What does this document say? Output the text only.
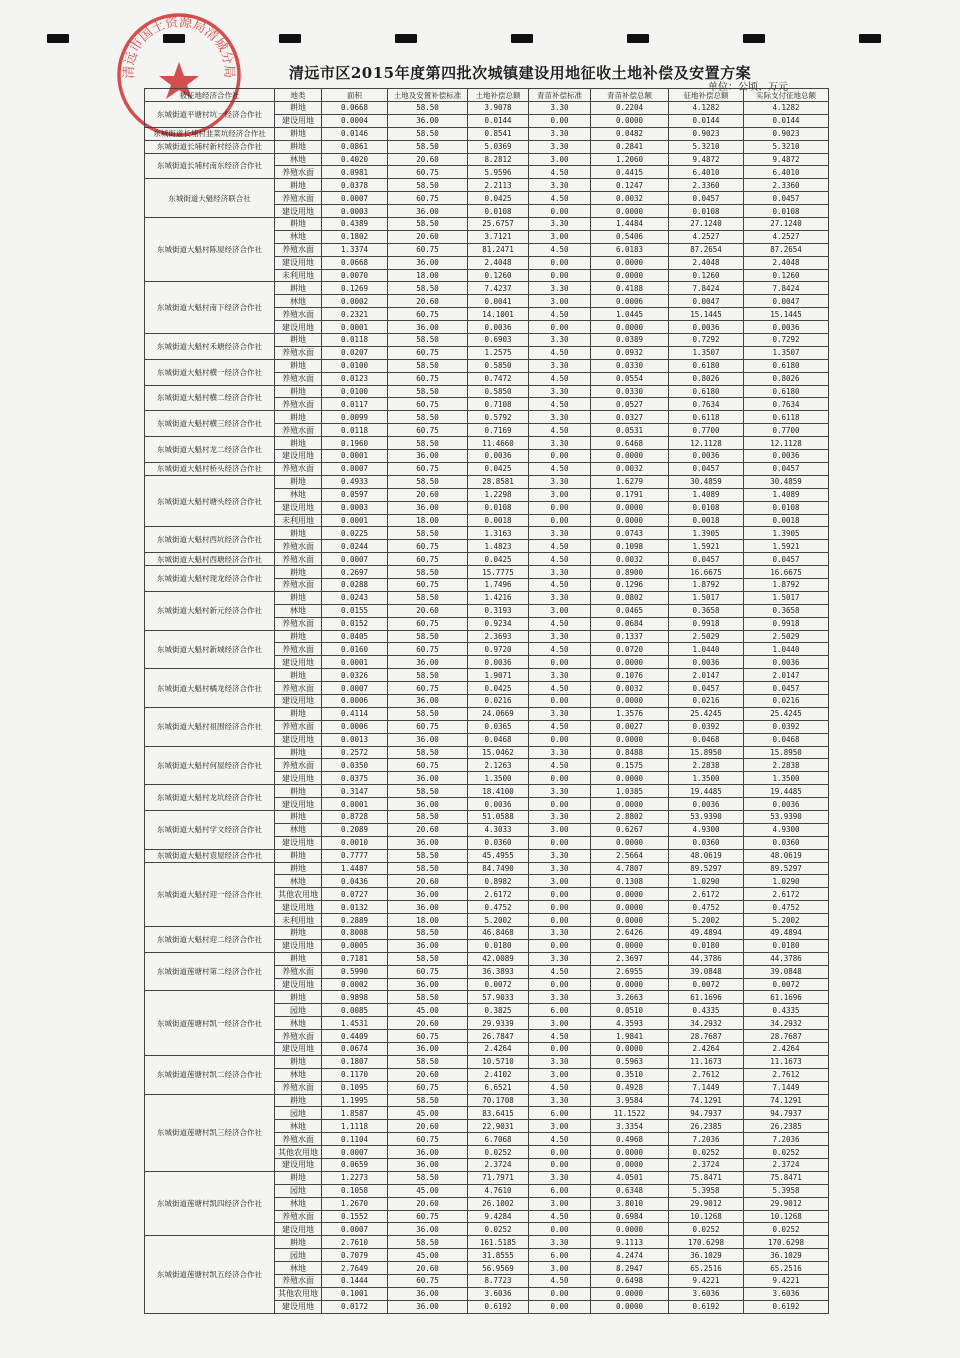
清远市国土资源局清城分局	清远市区2015年度第四批次城镇建设用地征收土地补偿及安置方案
单位：公顷、万元
被征地经济合作社	地类	面积	土地及安置补偿标准	土地补偿总额	青苗补偿标准	青苗补偿总额	征地补偿总额	实际支付征地总额
东城街道平塘村坑一经济合作社	耕地	0.0668	58.50	3.9078	3.30	0.2204	4.1282	4.1282
	建设用地	0.0004	36.00	0.0144	0.00	0.0000	0.0144	0.0144
东城街道长埔村韭菜坑经济合作社	耕地	0.0146	58.50	0.8541	3.30	0.0482	0.9023	0.9023
东城街道长埔村新村经济合作社	耕地	0.0861	58.50	5.0369	3.30	0.2841	5.3210	5.3210
东城街道长埔村南东经济合作社	林地	0.4020	20.60	8.2812	3.00	1.2060	9.4872	9.4872
	养殖水面	0.0981	60.75	5.9596	4.50	0.4415	6.4010	6.4010
东城街道大魁经济联合社	耕地	0.0378	58.50	2.2113	3.30	0.1247	2.3360	2.3360
	养殖水面	0.0007	60.75	0.0425	4.50	0.0032	0.0457	0.0457
	建设用地	0.0003	36.00	0.0108	0.00	0.0000	0.0108	0.0108
东城街道大魁村陈屋经济合作社	耕地	0.4389	58.50	25.6757	3.30	1.4484	27.1240	27.1240
	林地	0.1802	20.60	3.7121	3.00	0.5406	4.2527	4.2527
	养殖水面	1.3374	60.75	81.2471	4.50	6.0183	87.2654	87.2654
	建设用地	0.0668	36.00	2.4048	0.00	0.0000	2.4048	2.4048
	未利用地	0.0070	18.00	0.1260	0.00	0.0000	0.1260	0.1260
东城街道大魁村南下经济合作社	耕地	0.1269	58.50	7.4237	3.30	0.4188	7.8424	7.8424
	林地	0.0002	20.60	0.0041	3.00	0.0006	0.0047	0.0047
	养殖水面	0.2321	60.75	14.1001	4.50	1.0445	15.1445	15.1445
	建设用地	0.0001	36.00	0.0036	0.00	0.0000	0.0036	0.0036
东城街道大魁村禾塘经济合作社	耕地	0.0118	58.50	0.6903	3.30	0.0389	0.7292	0.7292
	养殖水面	0.0207	60.75	1.2575	4.50	0.0932	1.3507	1.3507
东城街道大魁村横一经济合作社	耕地	0.0100	58.50	0.5850	3.30	0.0330	0.6180	0.6180
	养殖水面	0.0123	60.75	0.7472	4.50	0.0554	0.8026	0.8026
东城街道大魁村横二经济合作社	耕地	0.0100	58.50	0.5850	3.30	0.0330	0.6180	0.6180
	养殖水面	0.0117	60.75	0.7108	4.50	0.0527	0.7634	0.7634
东城街道大魁村横三经济合作社	耕地	0.0099	58.50	0.5792	3.30	0.0327	0.6118	0.6118
	养殖水面	0.0118	60.75	0.7169	4.50	0.0531	0.7700	0.7700
东城街道大魁村龙二经济合作社	耕地	0.1960	58.50	11.4660	3.30	0.6468	12.1128	12.1128
	建设用地	0.0001	36.00	0.0036	0.00	0.0000	0.0036	0.0036
东城街道大魁村桥头经济合作社	养殖水面	0.0007	60.75	0.0425	4.50	0.0032	0.0457	0.0457
东城街道大魁村塘头经济合作社	耕地	0.4933	58.50	28.8581	3.30	1.6279	30.4859	30.4859
	林地	0.0597	20.60	1.2298	3.00	0.1791	1.4089	1.4089
	建设用地	0.0003	36.00	0.0108	0.00	0.0000	0.0108	0.0108
	未利用地	0.0001	18.00	0.0018	0.00	0.0000	0.0018	0.0018
东城街道大魁村西坑经济合作社	耕地	0.0225	58.50	1.3163	3.30	0.0743	1.3905	1.3905
	养殖水面	0.0244	60.75	1.4823	4.50	0.1098	1.5921	1.5921
东城街道大魁村西塘经济合作社	养殖水面	0.0007	60.75	0.0425	4.50	0.0032	0.0457	0.0457
东城街道大魁村现龙经济合作社	耕地	0.2697	58.50	15.7775	3.30	0.8900	16.6675	16.6675
	养殖水面	0.0288	60.75	1.7496	4.50	0.1296	1.8792	1.8792
东城街道大魁村新元经济合作社	耕地	0.0243	58.50	1.4216	3.30	0.0802	1.5017	1.5017
	林地	0.0155	20.60	0.3193	3.00	0.0465	0.3658	0.3658
	养殖水面	0.0152	60.75	0.9234	4.50	0.0684	0.9918	0.9918
东城街道大魁村新城经济合作社	耕地	0.0405	58.50	2.3693	3.30	0.1337	2.5029	2.5029
	养殖水面	0.0160	60.75	0.9720	4.50	0.0720	1.0440	1.0440
	建设用地	0.0001	36.00	0.0036	0.00	0.0000	0.0036	0.0036
东城街道大魁村橘龙经济合作社	耕地	0.0326	58.50	1.9071	3.30	0.1076	2.0147	2.0147
	养殖水面	0.0007	60.75	0.0425	4.50	0.0032	0.0457	0.0457
	建设用地	0.0006	36.00	0.0216	0.00	0.0000	0.0216	0.0216
东城街道大魁村祖围经济合作社	耕地	0.4114	58.50	24.0669	3.30	1.3576	25.4245	25.4245
	养殖水面	0.0006	60.75	0.0365	4.50	0.0027	0.0392	0.0392
	建设用地	0.0013	36.00	0.0468	0.00	0.0000	0.0468	0.0468
东城街道大魁村何屋经济合作社	耕地	0.2572	58.50	15.0462	3.30	0.8488	15.8950	15.8950
	养殖水面	0.0350	60.75	2.1263	4.50	0.1575	2.2838	2.2838
	建设用地	0.0375	36.00	1.3500	0.00	0.0000	1.3500	1.3500
东城街道大魁村龙坑经济合作社	耕地	0.3147	58.50	18.4100	3.30	1.0385	19.4485	19.4485
	建设用地	0.0001	36.00	0.0036	0.00	0.0000	0.0036	0.0036
东城街道大魁村学文经济合作社	耕地	0.8728	58.50	51.0588	3.30	2.8802	53.9390	53.9390
	林地	0.2089	20.60	4.3033	3.00	0.6267	4.9300	4.9300
	建设用地	0.0010	36.00	0.0360	0.00	0.0000	0.0360	0.0360
东城街道大魁村袁屋经济合作社	耕地	0.7777	58.50	45.4955	3.30	2.5664	48.0619	48.0619
东城街道大魁村迎一经济合作社	耕地	1.4487	58.50	84.7490	3.30	4.7807	89.5297	89.5297
	林地	0.0436	20.60	0.8982	3.00	0.1308	1.0290	1.0290
	其他农用地	0.0727	36.00	2.6172	0.00	0.0000	2.6172	2.6172
	建设用地	0.0132	36.00	0.4752	0.00	0.0000	0.4752	0.4752
	未利用地	0.2889	18.00	5.2002	0.00	0.0000	5.2002	5.2002
东城街道大魁村迎二经济合作社	耕地	0.8008	58.50	46.8468	3.30	2.6426	49.4894	49.4894
	建设用地	0.0005	36.00	0.0180	0.00	0.0000	0.0180	0.0180
东城街道莲塘村第二经济合作社	耕地	0.7181	58.50	42.0089	3.30	2.3697	44.3786	44.3786
	养殖水面	0.5990	60.75	36.3893	4.50	2.6955	39.0848	39.0848
	建设用地	0.0002	36.00	0.0072	0.00	0.0000	0.0072	0.0072
东城街道莲塘村凯一经济合作社	耕地	0.9898	58.50	57.9033	3.30	3.2663	61.1696	61.1696
	园地	0.0085	45.00	0.3825	6.00	0.0510	0.4335	0.4335
	林地	1.4531	20.60	29.9339	3.00	4.3593	34.2932	34.2932
	养殖水面	0.4409	60.75	26.7847	4.50	1.9841	28.7687	28.7687
	建设用地	0.0674	36.00	2.4264	0.00	0.0000	2.4264	2.4264
东城街道莲塘村凯二经济合作社	耕地	0.1807	58.50	10.5710	3.30	0.5963	11.1673	11.1673
	林地	0.1170	20.60	2.4102	3.00	0.3510	2.7612	2.7612
	养殖水面	0.1095	60.75	6.6521	4.50	0.4928	7.1449	7.1449
东城街道莲塘村凯三经济合作社	耕地	1.1995	58.50	70.1708	3.30	3.9584	74.1291	74.1291
	园地	1.8587	45.00	83.6415	6.00	11.1522	94.7937	94.7937
	林地	1.1118	20.60	22.9031	3.00	3.3354	26.2385	26.2385
	养殖水面	0.1104	60.75	6.7068	4.50	0.4968	7.2036	7.2036
	其他农用地	0.0007	36.00	0.0252	0.00	0.0000	0.0252	0.0252
	建设用地	0.0659	36.00	2.3724	0.00	0.0000	2.3724	2.3724
东城街道莲塘村凯四经济合作社	耕地	1.2273	58.50	71.7971	3.30	4.0501	75.8471	75.8471
	园地	0.1058	45.00	4.7610	6.00	0.6348	5.3958	5.3958
	林地	1.2670	20.60	26.1002	3.00	3.8010	29.9012	29.9012
	养殖水面	0.1552	60.75	9.4284	4.50	0.6984	10.1268	10.1268
	建设用地	0.0007	36.00	0.0252	0.00	0.0000	0.0252	0.0252
东城街道莲塘村凯五经济合作社	耕地	2.7610	58.50	161.5185	3.30	9.1113	170.6298	170.6298
	园地	0.7079	45.00	31.8555	6.00	4.2474	36.1029	36.1029
	林地	2.7649	20.60	56.9569	3.00	8.2947	65.2516	65.2516
	养殖水面	0.1444	60.75	8.7723	4.50	0.6498	9.4221	9.4221
	其他农用地	0.1001	36.00	3.6036	0.00	0.0000	3.6036	3.6036
	建设用地	0.0172	36.00	0.6192	0.00	0.0000	0.6192	0.6192
